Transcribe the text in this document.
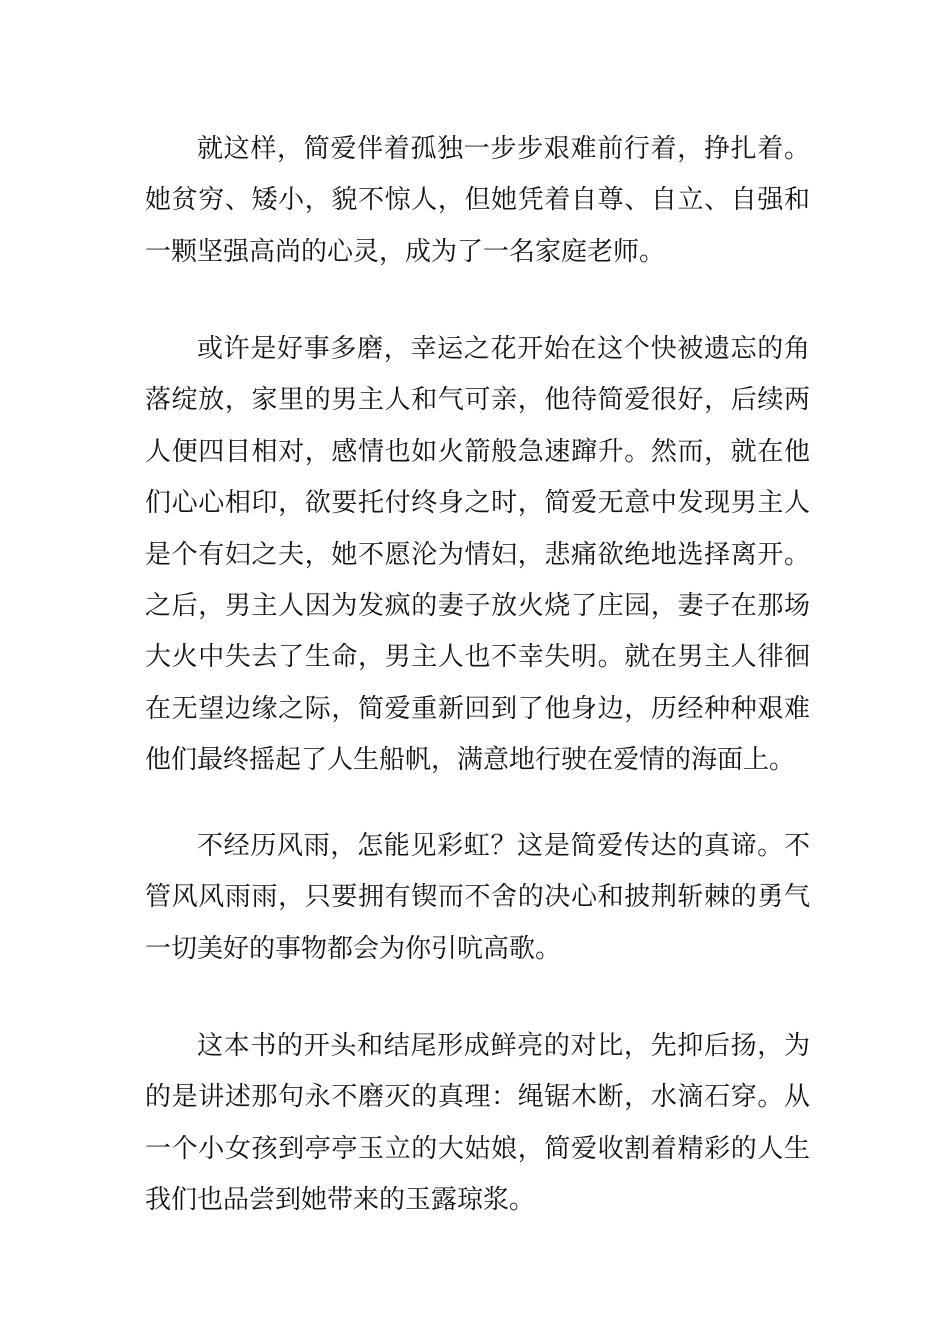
就这样，简爱伴着孤独一步步艰难前行着，挣扎着。
她贫穷、矮小，貌不惊人，但她凭着自尊、自立、自强和
一颗坚强高尚的心灵，成为了一名家庭老师。

或许是好事多磨，幸运之花开始在这个快被遗忘的角
落绽放，家里的男主人和气可亲，他待简爱很好，后续两
人便四目相对，感情也如火箭般急速蹿升。然而，就在他
们心心相印，欲要托付终身之时，简爱无意中发现男主人
是个有妇之夫，她不愿沦为情妇，悲痛欲绝地选择离开。
之后，男主人因为发疯的妻子放火烧了庄园，妻子在那场
大火中失去了生命，男主人也不幸失明。就在男主人徘徊
在无望边缘之际，简爱重新回到了他身边，历经种种艰难
他们最终摇起了人生船帆，满意地行驶在爱情的海面上。

不经历风雨，怎能见彩虹？这是简爱传达的真谛。不
管风风雨雨，只要拥有锲而不舍的决心和披荆斩棘的勇气
一切美好的事物都会为你引吭高歌。

这本书的开头和结尾形成鲜亮的对比，先抑后扬，为
的是讲述那句永不磨灭的真理：绳锯木断，水滴石穿。从
一个小女孩到亭亭玉立的大姑娘，简爱收割着精彩的人生
我们也品尝到她带来的玉露琼浆。
